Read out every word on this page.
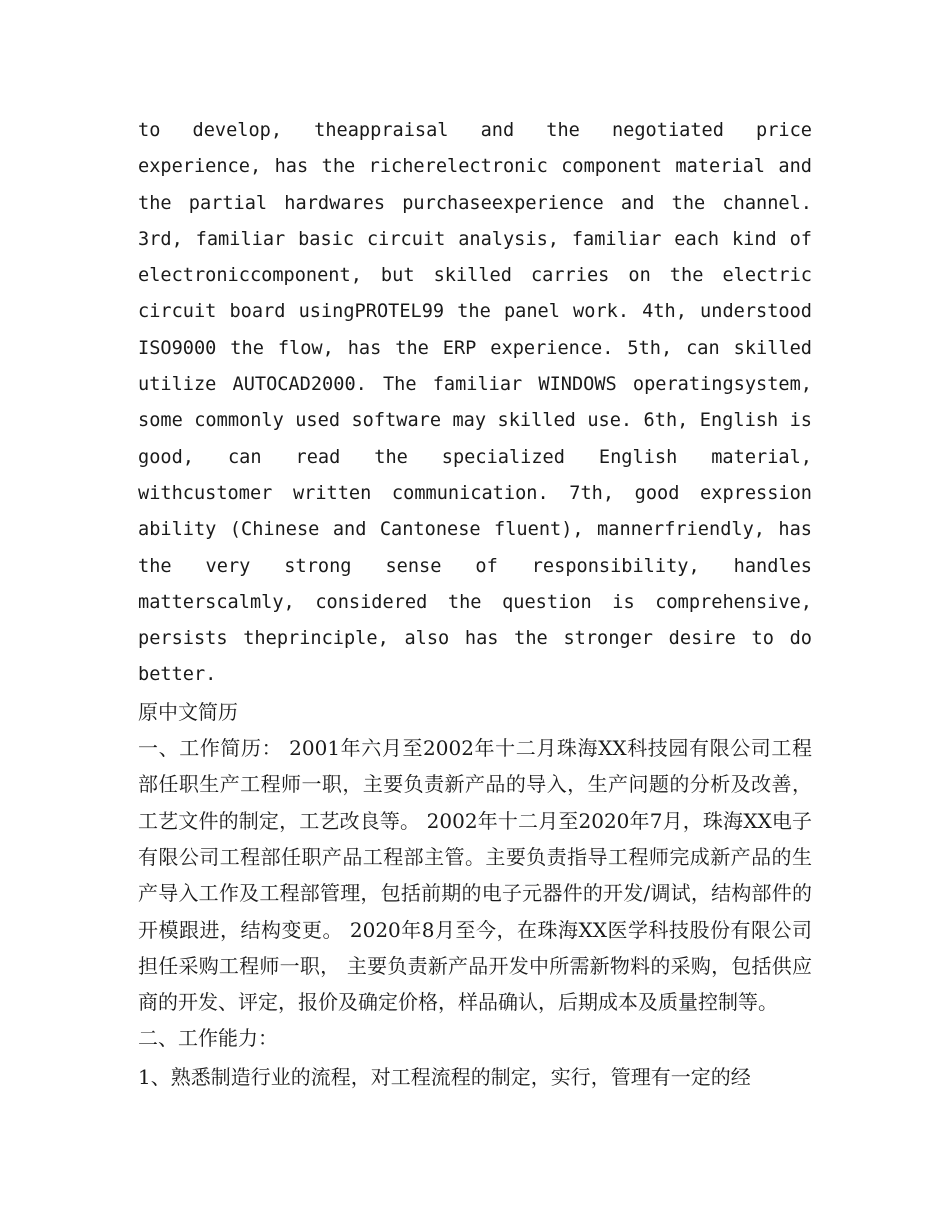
to develop, theappraisal and the negotiated price experience, has the richerelectronic component material and the partial hardwares purchaseexperience and the channel. 3rd, familiar basic circuit analysis, familiar each kind of electroniccomponent, but skilled carries on the electric circuit board usingPROTEL99 the panel work. 4th, understood ISO9000 the flow, has the ERP experience. 5th, can skilled utilize AUTOCAD2000. The familiar WINDOWS operatingsystem, some commonly used software may skilled use. 6th, English is good, can read the specialized English material, withcustomer written communication. 7th, good expression ability (Chinese and Cantonese fluent), mannerfriendly, has the very strong sense of responsibility, handles matterscalmly, considered the question is comprehensive, persists theprinciple, also has the stronger desire to do better.

原中文简历

一、工作简历： 2001年六月至2002年十二月珠海XX科技园有限公司工程部任职生产工程师一职，主要负责新产品的导入，生产问题的分析及改善，工艺文件的制定，工艺改良等。 2002年十二月至2020年7月，珠海XX电子有限公司工程部任职产品工程部主管。主要负责指导工程师完成新产品的生产导入工作及工程部管理，包括前期的电子元器件的开发/调试，结构部件的开模跟进，结构变更。 2020年8月至今，在珠海XX医学科技股份有限公司担任采购工程师一职， 主要负责新产品开发中所需新物料的采购，包括供应商的开发、评定，报价及确定价格，样品确认，后期成本及质量控制等。

二、工作能力：

1、熟悉制造行业的流程，对工程流程的制定，实行，管理有一定的经
